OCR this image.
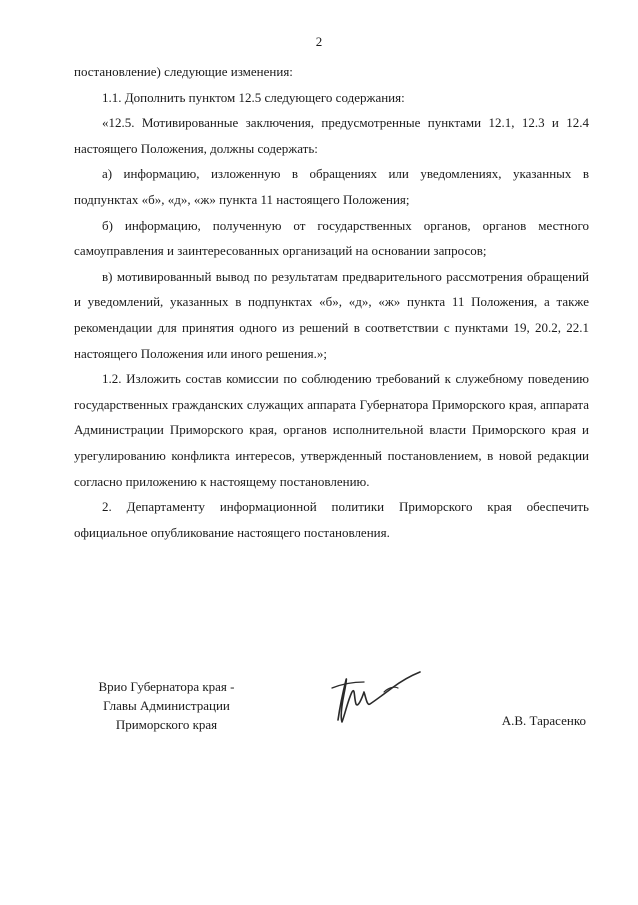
2

постановление) следующие изменения:

1.1. Дополнить пунктом 12.5 следующего содержания:

«12.5. Мотивированные заключения, предусмотренные пунктами 12.1, 12.3 и 12.4 настоящего Положения, должны содержать:

а) информацию, изложенную в обращениях или уведомлениях, указанных в подпунктах «б», «д», «ж» пункта 11 настоящего Положения;

б) информацию, полученную от государственных органов, органов местного самоуправления и заинтересованных организаций на основании запросов;

в) мотивированный вывод по результатам предварительного рассмотрения обращений и уведомлений, указанных в подпунктах «б», «д», «ж» пункта 11 Положения, а также рекомендации для принятия одного из решений в соответствии с пунктами 19, 20.2, 22.1 настоящего Положения или иного решения.»;

1.2. Изложить состав комиссии по соблюдению требований к служебному поведению государственных гражданских служащих аппарата Губернатора Приморского края, аппарата Администрации Приморского края, органов исполнительной власти Приморского края и урегулированию конфликта интересов, утвержденный постановлением, в новой редакции согласно приложению к настоящему постановлению.

2. Департаменту информационной политики Приморского края обеспечить официальное опубликование настоящего постановления.

Врио Губернатора края -
Главы Администрации
Приморского края	А.В. Тарасенко
